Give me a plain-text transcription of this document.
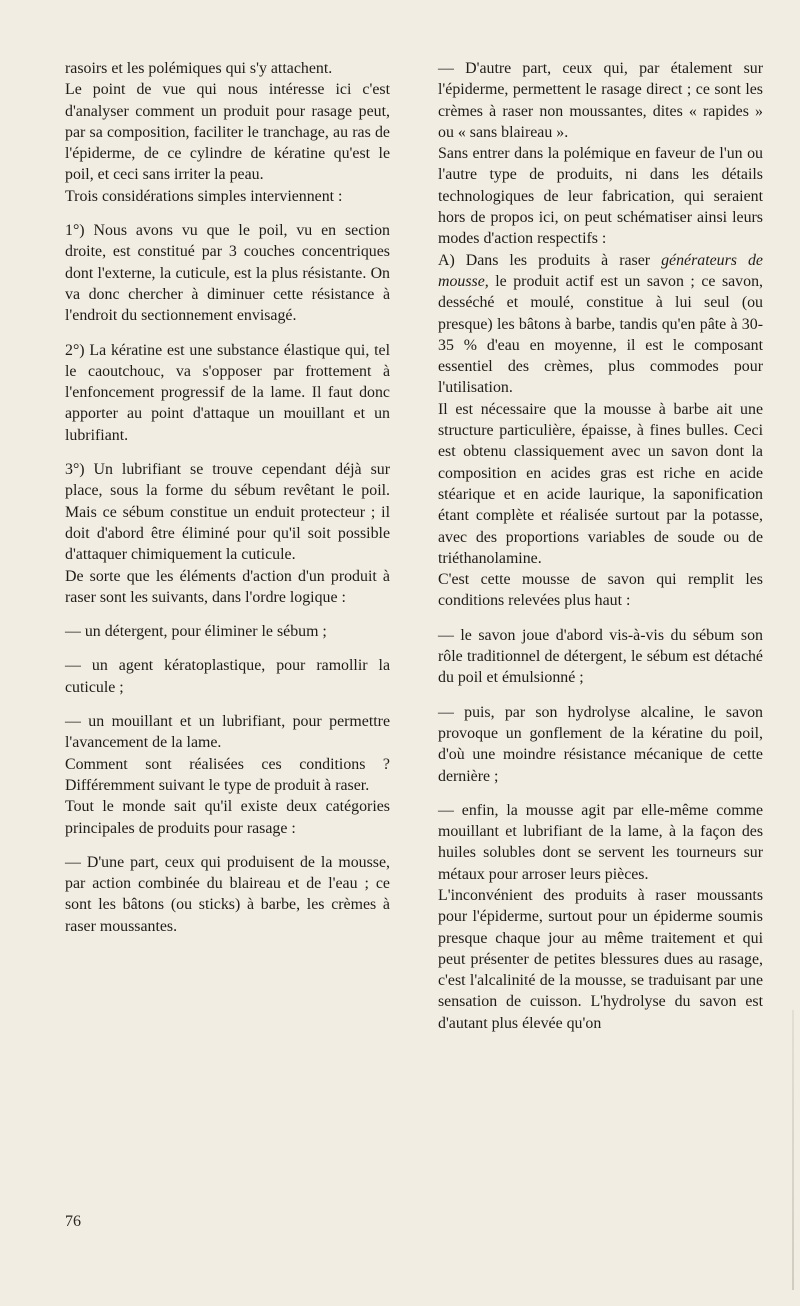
rasoirs et les polémiques qui s'y attachent.

Le point de vue qui nous intéresse ici c'est d'analyser comment un produit pour rasage peut, par sa composition, faciliter le tranchage, au ras de l'épiderme, de ce cylindre de kératine qu'est le poil, et ceci sans irriter la peau.

Trois considérations simples interviennent :

1°) Nous avons vu que le poil, vu en section droite, est constitué par 3 couches concentriques dont l'externe, la cuticule, est la plus résistante. On va donc chercher à diminuer cette résistance à l'endroit du sectionnement envisagé.

2°) La kératine est une substance élastique qui, tel le caoutchouc, va s'opposer par frottement à l'enfoncement progressif de la lame. Il faut donc apporter au point d'attaque un mouillant et un lubrifiant.

3°) Un lubrifiant se trouve cependant déjà sur place, sous la forme du sébum revêtant le poil. Mais ce sébum constitue un enduit protecteur ; il doit d'abord être éliminé pour qu'il soit possible d'attaquer chimiquement la cuticule.

De sorte que les éléments d'action d'un produit à raser sont les suivants, dans l'ordre logique :

— un détergent, pour éliminer le sébum ;

— un agent kératoplastique, pour ramollir la cuticule ;

— un mouillant et un lubrifiant, pour permettre l'avancement de la lame.

Comment sont réalisées ces conditions ? Différemment suivant le type de produit à raser.

Tout le monde sait qu'il existe deux catégories principales de produits pour rasage :

— D'une part, ceux qui produisent de la mousse, par action combinée du blaireau et de l'eau ; ce sont les bâtons (ou sticks) à barbe, les crèmes à raser moussantes.

— D'autre part, ceux qui, par étalement sur l'épiderme, permettent le rasage direct ; ce sont les crèmes à raser non moussantes, dites « rapides » ou « sans blaireau ».

Sans entrer dans la polémique en faveur de l'un ou l'autre type de produits, ni dans les détails technologiques de leur fabrication, qui seraient hors de propos ici, on peut schématiser ainsi leurs modes d'action respectifs :

A) Dans les produits à raser générateurs de mousse, le produit actif est un savon ; ce savon, desséché et moulé, constitue à lui seul (ou presque) les bâtons à barbe, tandis qu'en pâte à 30-35 % d'eau en moyenne, il est le composant essentiel des crèmes, plus commodes pour l'utilisation.

Il est nécessaire que la mousse à barbe ait une structure particulière, épaisse, à fines bulles. Ceci est obtenu classiquement avec un savon dont la composition en acides gras est riche en acide stéarique et en acide laurique, la saponification étant complète et réalisée surtout par la potasse, avec des proportions variables de soude ou de triéthanolamine.

C'est cette mousse de savon qui remplit les conditions relevées plus haut :

— le savon joue d'abord vis-à-vis du sébum son rôle traditionnel de détergent, le sébum est détaché du poil et émulsionné ;

— puis, par son hydrolyse alcaline, le savon provoque un gonflement de la kératine du poil, d'où une moindre résistance mécanique de cette dernière ;

— enfin, la mousse agit par elle-même comme mouillant et lubrifiant de la lame, à la façon des huiles solubles dont se servent les tourneurs sur métaux pour arroser leurs pièces.

L'inconvénient des produits à raser moussants pour l'épiderme, surtout pour un épiderme soumis presque chaque jour au même traitement et qui peut présenter de petites blessures dues au rasage, c'est l'alcalinité de la mousse, se traduisant par une sensation de cuisson. L'hydrolyse du savon est d'autant plus élevée qu'on

76
